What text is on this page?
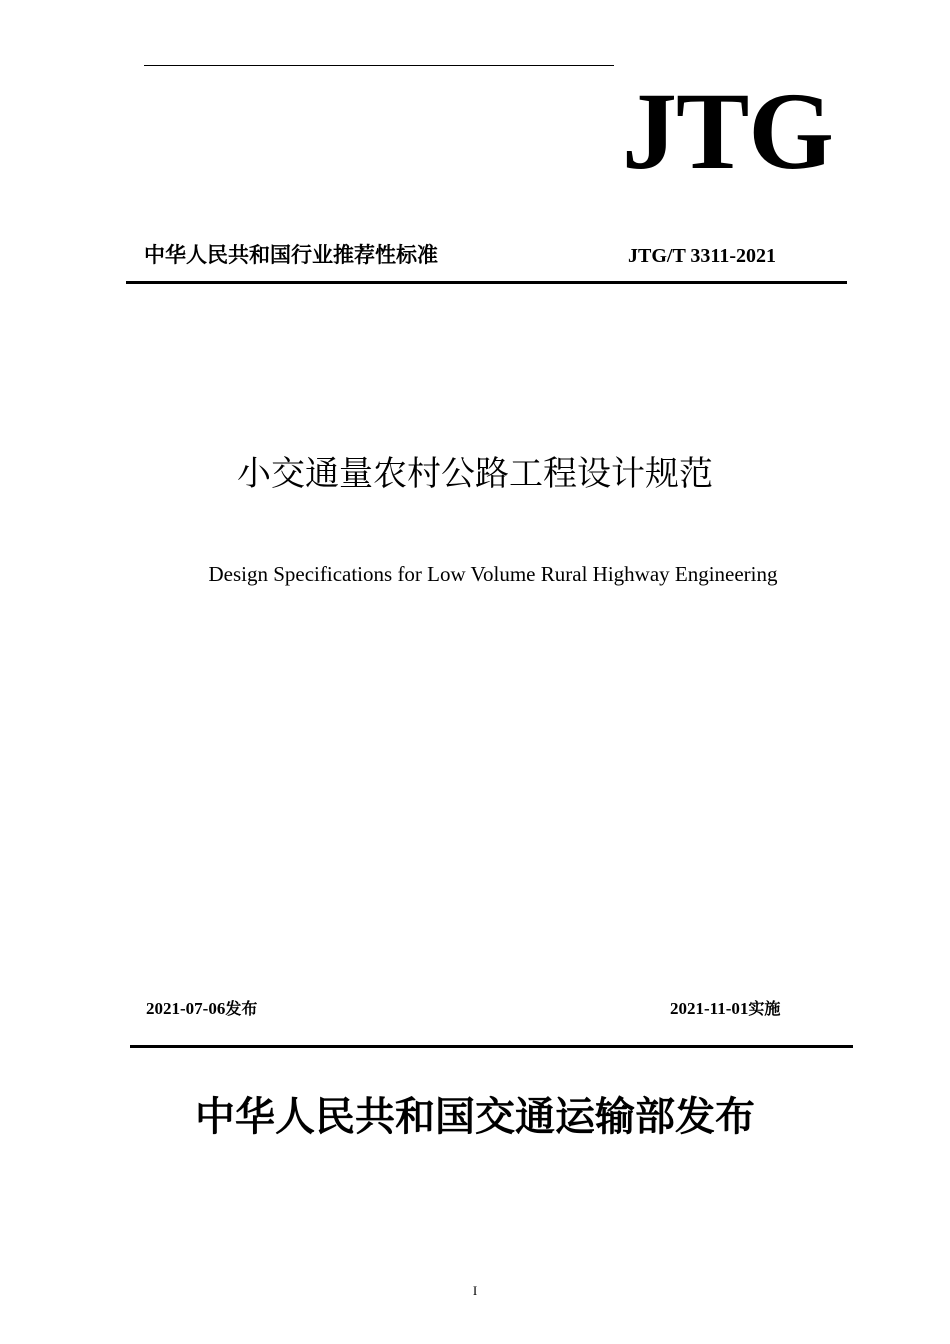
JTG
中华人民共和国行业推荐性标准	JTG/T 3311-2021
小交通量农村公路工程设计规范
Design Specifications for Low Volume Rural Highway Engineering
2021-07-06发布	2021-11-01实施
中华人民共和国交通运输部发布
I
